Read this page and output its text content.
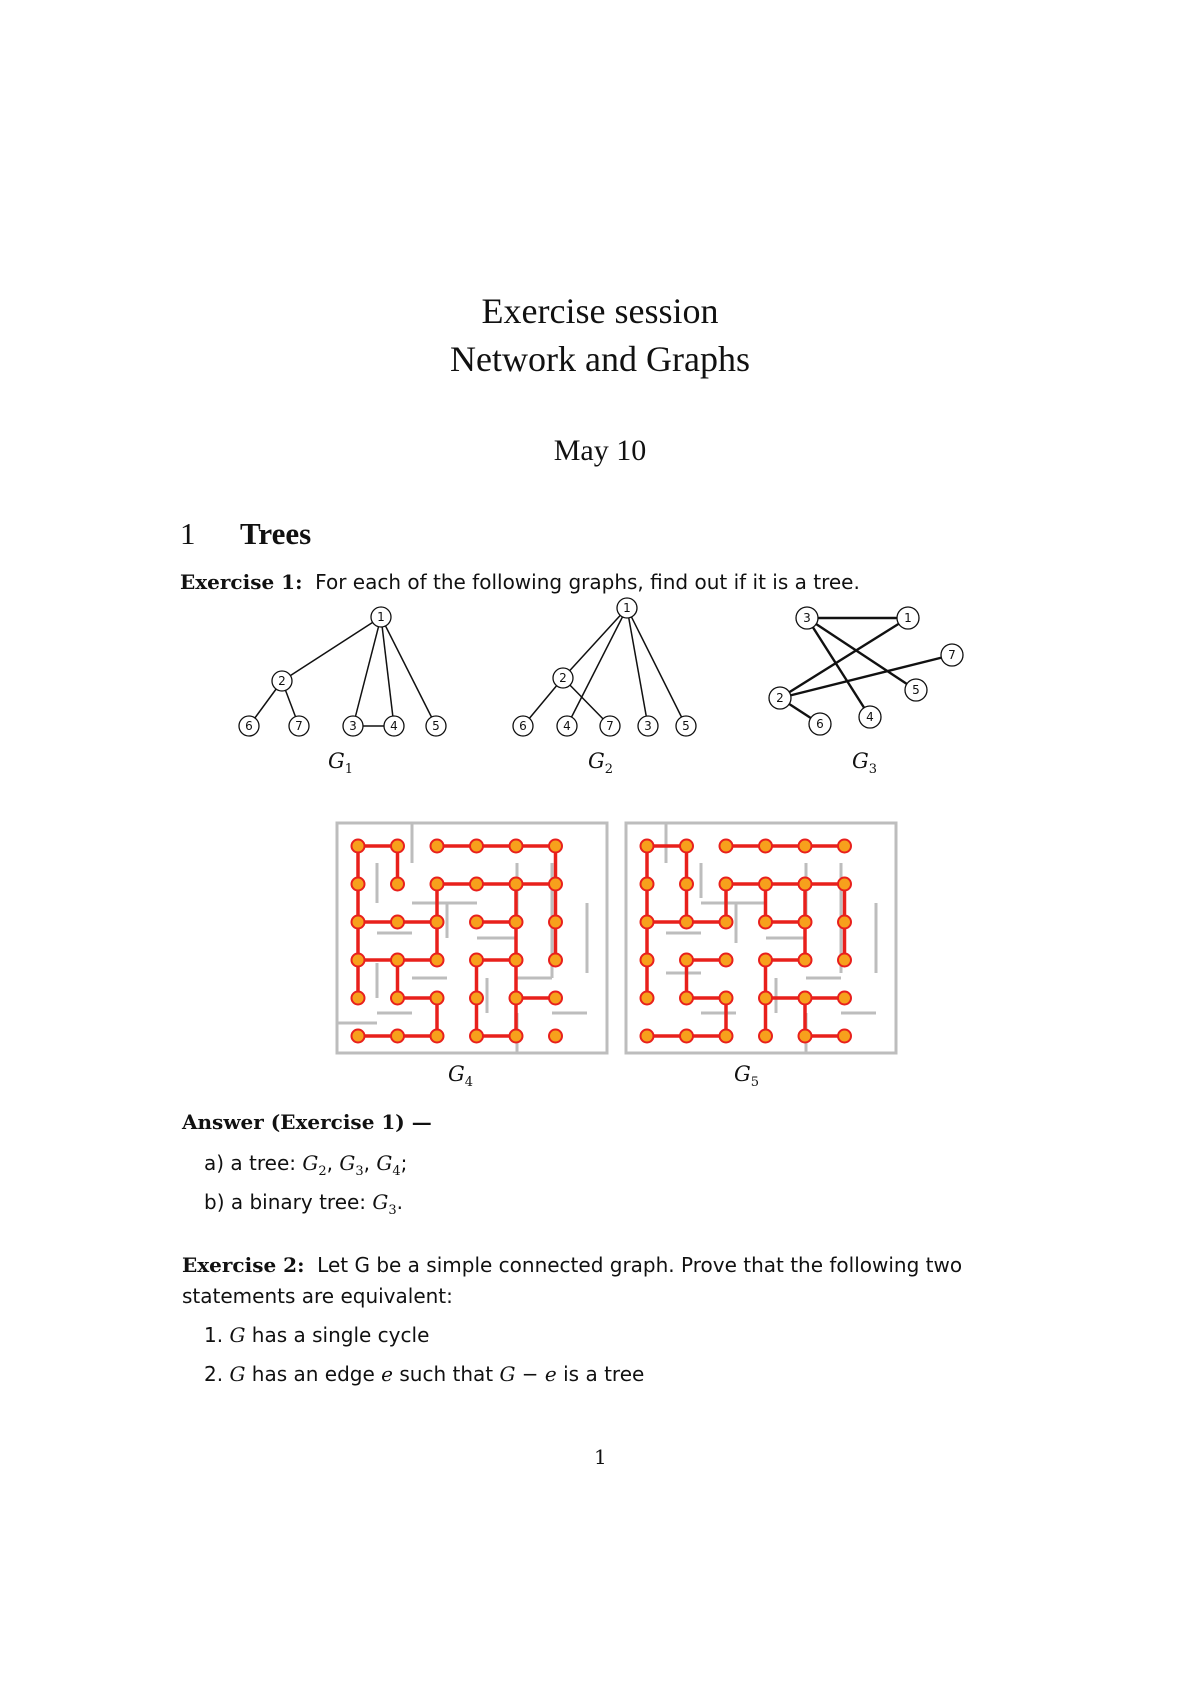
Exercise session
Network and Graphs
May 10
1 Trees
Exercise 1: For each of the following graphs, find out if it is a tree.
1
2
6	7	3	4	5
1
2
6	4	7	3	5
3	1
7
5
2
6	4
$G_1$	$G_2$	$G_3$
$G_4$	$G_5$
Answer (Exercise 1) —
a) a tree: $G_2$, $G_3$, $G_4$;
b) a binary tree: $G_3$.
Exercise 2: Let G be a simple connected graph. Prove that the following two
statements are equivalent:
1. G has a single cycle
2. G has an edge e such that G − e is a tree
1
